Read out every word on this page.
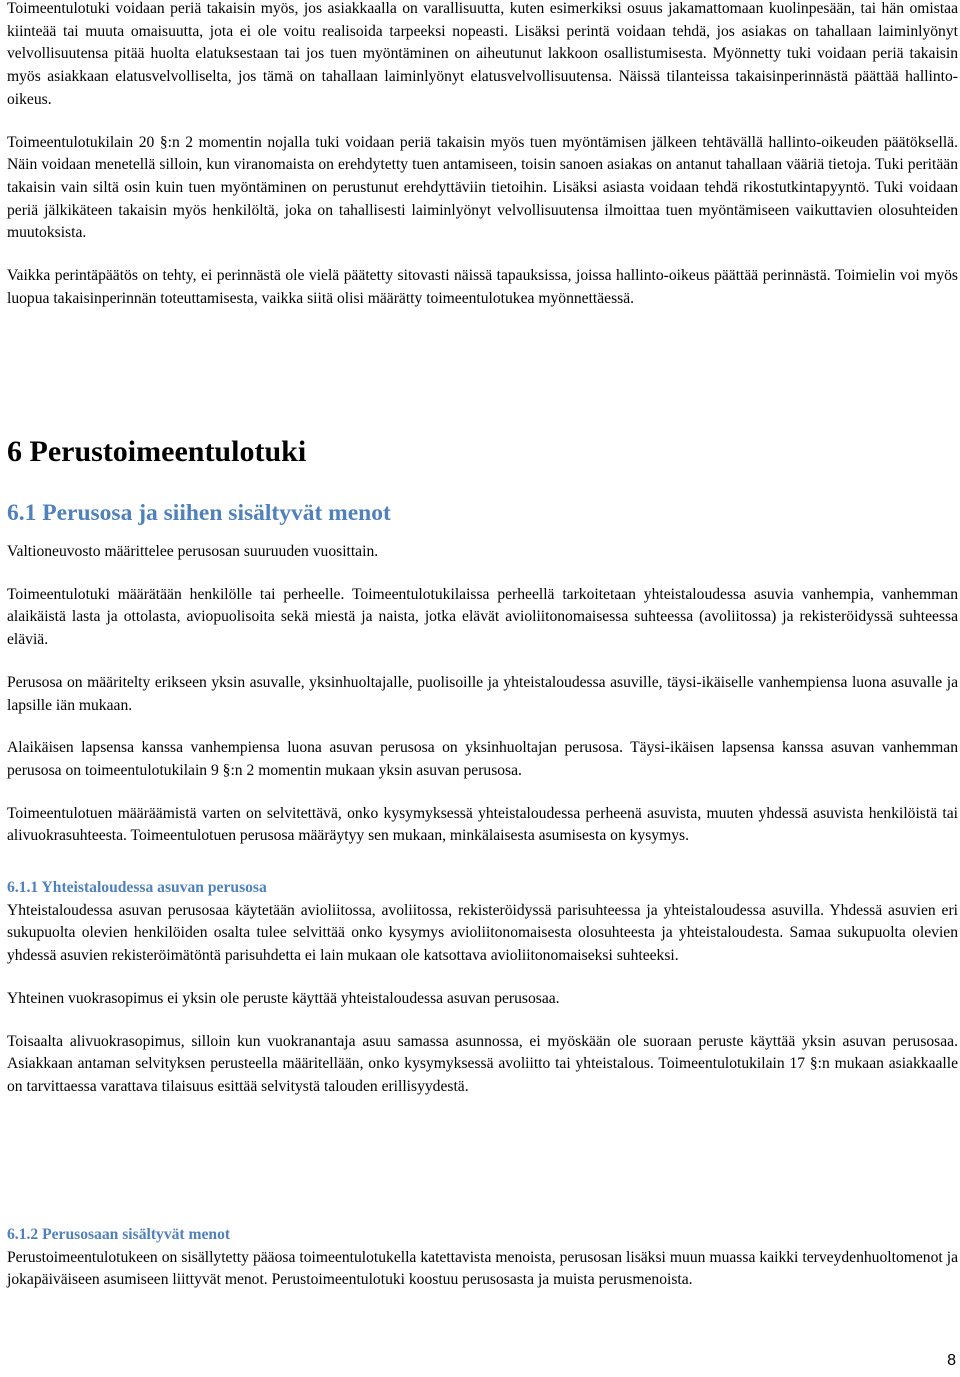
Toimeentulotuki voidaan periä takaisin myös, jos asiakkaalla on varallisuutta, kuten esimerkiksi osuus jakamattomaan kuolinpesään, tai hän omistaa kiinteää tai muuta omaisuutta, jota ei ole voitu realisoida tarpeeksi nopeasti. Lisäksi perintä voidaan tehdä, jos asiakas on tahallaan laiminlyönyt velvollisuutensa pitää huolta elatuksestaan tai jos tuen myöntäminen on aiheutunut lakkoon osallistumisesta. Myönnetty tuki voidaan periä takaisin myös asiakkaan elatusvelvolliselta, jos tämä on tahallaan laiminlyönyt elatusvelvollisuutensa. Näissä tilanteissa takaisinperinnästä päättää hallinto-oikeus.

Toimeentulotukilain 20 §:n 2 momentin nojalla tuki voidaan periä takaisin myös tuen myöntämisen jälkeen tehtävällä hallinto-oikeuden päätöksellä. Näin voidaan menetellä silloin, kun viranomaista on erehdytetty tuen antamiseen, toisin sanoen asiakas on antanut tahallaan vääriä tietoja. Tuki peritään takaisin vain siltä osin kuin tuen myöntäminen on perustunut erehdyttäviin tietoihin. Lisäksi asiasta voidaan tehdä rikostutkintapyyntö. Tuki voidaan periä jälkikäteen takaisin myös henkilöltä, joka on tahallisesti laiminlyönyt velvollisuutensa ilmoittaa tuen myöntämiseen vaikuttavien olosuhteiden muutoksista.

Vaikka perintäpäätös on tehty, ei perinnästä ole vielä päätetty sitovasti näissä tapauksissa, joissa hallinto-oikeus päättää perinnästä. Toimielin voi myös luopua takaisinperinnän toteuttamisesta, vaikka siitä olisi määrätty toimeentulotukea myönnettäessä.

6 Perustoimeentulotuki
6.1 Perusosa ja siihen sisältyvät menot

Valtioneuvosto määrittelee perusosan suuruuden vuosittain.

Toimeentulotuki määrätään henkilölle tai perheelle. Toimeentulotukilaissa perheellä tarkoitetaan yhteistaloudessa asuvia vanhempia, vanhemman alaikäistä lasta ja ottolasta, aviopuolisoita sekä miestä ja naista, jotka elävät avioliitonomaisessa suhteessa (avoliitossa) ja rekisteröidyssä suhteessa eläviä.

Perusosa on määritelty erikseen yksin asuvalle, yksinhuoltajalle, puolisoille ja yhteistaloudessa asuville, täysi-ikäiselle vanhempiensa luona asuvalle ja lapsille iän mukaan.

Alaikäisen lapsensa kanssa vanhempiensa luona asuvan perusosa on yksinhuoltajan perusosa. Täysi-ikäisen lapsensa kanssa asuvan vanhemman perusosa on toimeentulotukilain 9 §:n 2 momentin mukaan yksin asuvan perusosa.

Toimeentulotuen määräämistä varten on selvitettävä, onko kysymyksessä yhteistaloudessa perheenä asuvista, muuten yhdessä asuvista henkilöistä tai alivuokrasuhteesta. Toimeentulotuen perusosa määräytyy sen mukaan, minkälaisesta asumisesta on kysymys.

6.1.1 Yhteistaloudessa asuvan perusosa

Yhteistaloudessa asuvan perusosaa käytetään avioliitossa, avoliitossa, rekisteröidyssä parisuhteessa ja yhteistaloudessa asuvilla. Yhdessä asuvien eri sukupuolta olevien henkilöiden osalta tulee selvittää onko kysymys avioliitonomaisesta olosuhteesta ja yhteistaloudesta. Samaa sukupuolta olevien yhdessä asuvien rekisteröimätöntä parisuhdetta ei lain mukaan ole katsottava avioliitonomaiseksi suhteeksi.

Yhteinen vuokrasopimus ei yksin ole peruste käyttää yhteistaloudessa asuvan perusosaa.

Toisaalta alivuokrasopimus, silloin kun vuokranantaja asuu samassa asunnossa, ei myöskään ole suoraan peruste käyttää yksin asuvan perusosaa. Asiakkaan antaman selvityksen perusteella määritellään, onko kysymyksessä avoliitto tai yhteistalous. Toimeentulotukilain 17 §:n mukaan asiakkaalle on tarvittaessa varattava tilaisuus esittää selvitystä talouden erillisyydestä.

6.1.2 Perusosaan sisältyvät menot

Perustoimeentulotukeen on sisällytetty pääosa toimeentulotukella katettavista menoista, perusosan lisäksi muun muassa kaikki terveydenhuoltomenot ja jokapäiväiseen asumiseen liittyvät menot. Perustoimeentulotuki koostuu perusosasta ja muista perusmenoista.

8
